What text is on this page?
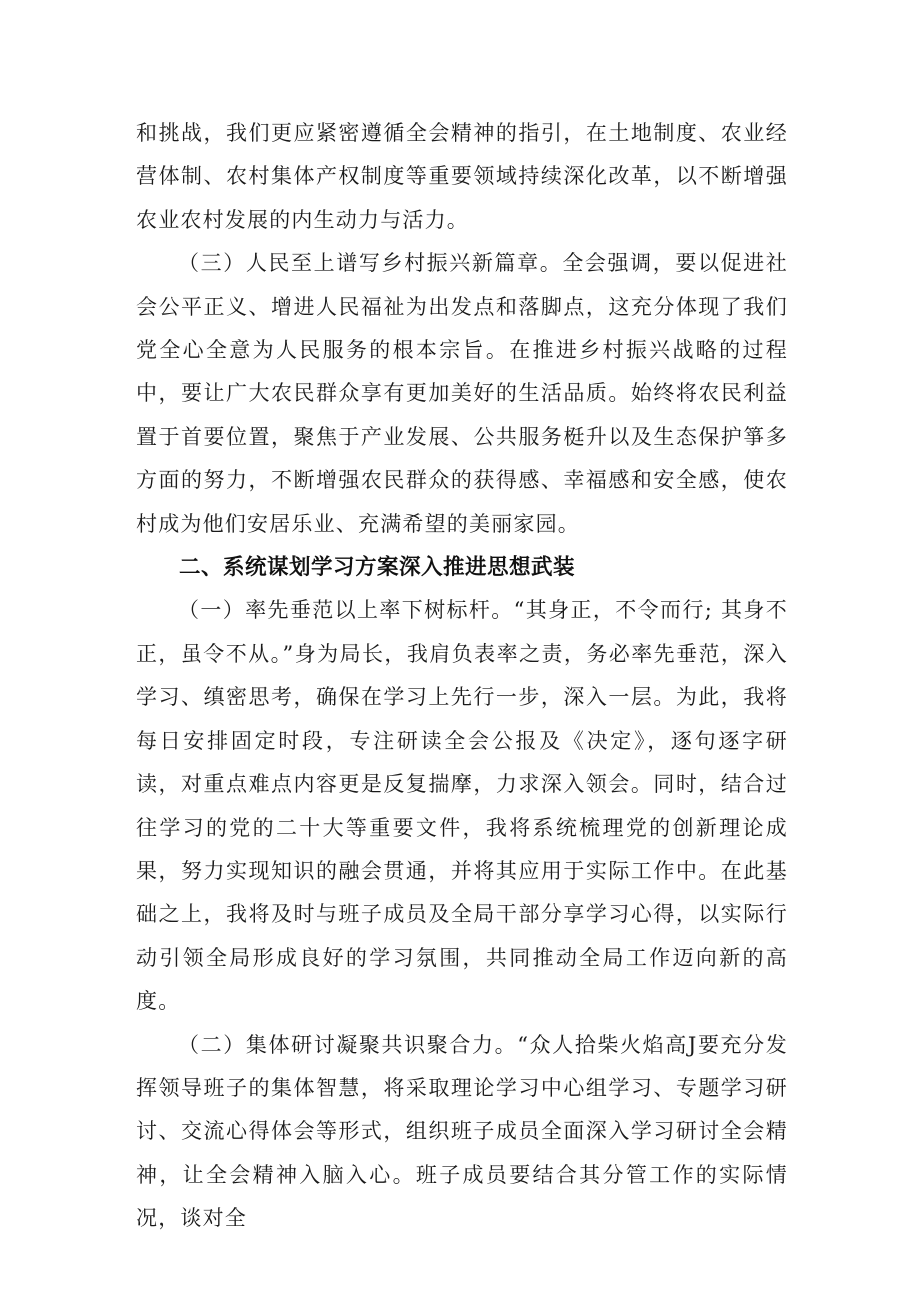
和挑战，我们更应紧密遵循全会精神的指引，在土地制度、农业经营体制、农村集体产权制度等重要领域持续深化改革，以不断增强农业农村发展的内生动力与活力。

（三）人民至上谱写乡村振兴新篇章。全会强调，要以促进社会公平正义、增进人民福祉为出发点和落脚点，这充分体现了我们党全心全意为人民服务的根本宗旨。在推进乡村振兴战略的过程中，要让广大农民群众享有更加美好的生活品质。始终将农民利益置于首要位置，聚焦于产业发展、公共服务梃升以及生态保护箏多方面的努力，不断增强农民群众的获得感、幸福感和安全感，使农村成为他们安居乐业、充满希望的美丽家园。

二、系统谋划学习方案深入推进思想武装

（一）率先垂范以上率下树标杆。“其身正，不令而行; 其身不正，虽令不从。”身为局长，我肩负表率之责，务必率先垂范，深入学习、缜密思考，确保在学习上先行一步，深入一层。为此，我将每日安排固定时段，专注研读全会公报及《决定》，逐句逐字研读，对重点难点内容更是反复揣摩，力求深入领会。同时，结合过往学习的党的二十大等重要文件，我将系统梳理党的创新理论成果，努力实现知识的融会贯通，并将其应用于实际工作中。在此基础之上，我将及时与班子成员及全局干部分享学习心得，以实际行动引领全局形成良好的学习氛围，共同推动全局工作迈向新的高度。

（二）集体研讨凝聚共识聚合力。“众人拾柴火焰高J要充分发挥领导班子的集体智慧，将采取理论学习中心组学习、专题学习研讨、交流心得体会等形式，组织班子成员全面深入学习研讨全会精神，让全会精神入脑入心。班子成员要结合其分管工作的实际情况，谈对全
